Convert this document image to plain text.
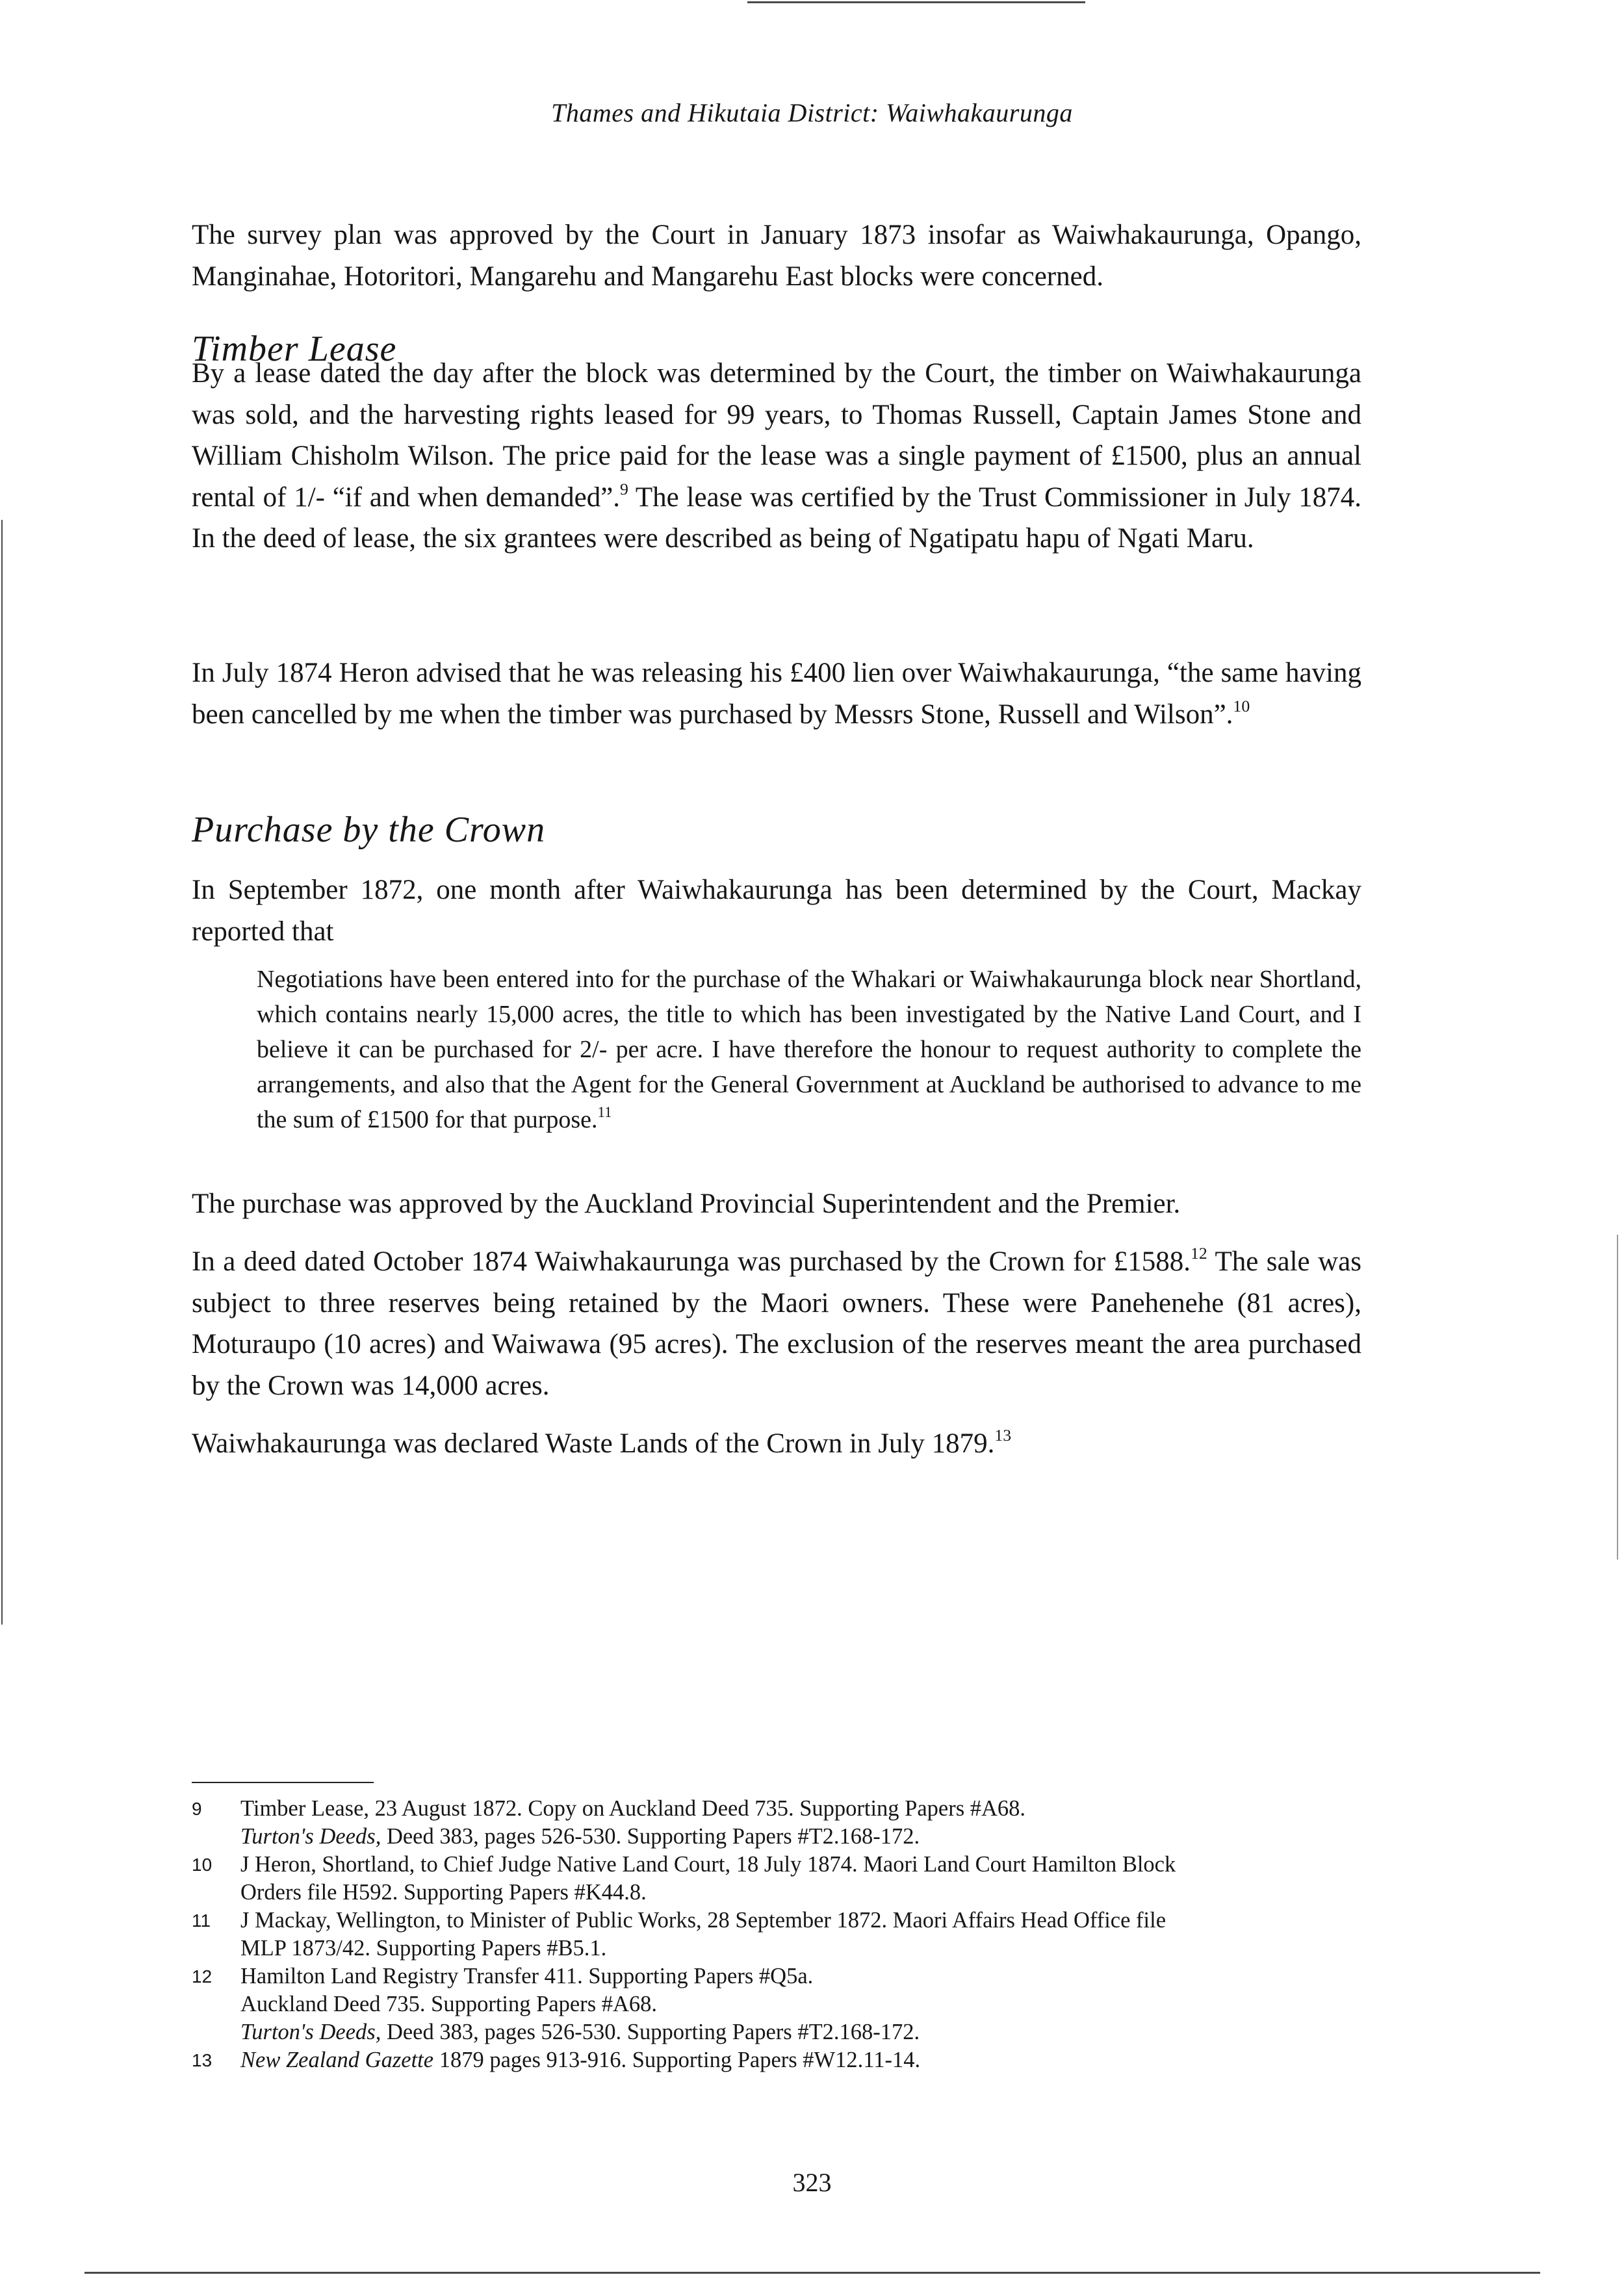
Thames and Hikutaia District: Waiwhakaurunga

The survey plan was approved by the Court in January 1873 insofar as Waiwhakaurunga, Opango, Manginahae, Hotoritori, Mangarehu and Mangarehu East blocks were concerned.

Timber Lease

By a lease dated the day after the block was determined by the Court, the timber on Waiwhakaurunga was sold, and the harvesting rights leased for 99 years, to Thomas Russell, Captain James Stone and William Chisholm Wilson. The price paid for the lease was a single payment of £1500, plus an annual rental of 1/- “if and when demanded”.$^9$ The lease was certified by the Trust Commissioner in July 1874. In the deed of lease, the six grantees were described as being of Ngatipatu hapu of Ngati Maru.

In July 1874 Heron advised that he was releasing his £400 lien over Waiwhakaurunga, “the same having been cancelled by me when the timber was purchased by Messrs Stone, Russell and Wilson”.$^{10}$

Purchase by the Crown

In September 1872, one month after Waiwhakaurunga has been determined by the Court, Mackay reported that

Negotiations have been entered into for the purchase of the Whakari or Waiwhakaurunga block near Shortland, which contains nearly 15,000 acres, the title to which has been investigated by the Native Land Court, and I believe it can be purchased for 2/- per acre. I have therefore the honour to request authority to complete the arrangements, and also that the Agent for the General Government at Auckland be authorised to advance to me the sum of £1500 for that purpose.$^{11}$

The purchase was approved by the Auckland Provincial Superintendent and the Premier.

In a deed dated October 1874 Waiwhakaurunga was purchased by the Crown for £1588.12 The sale was subject to three reserves being retained by the Maori owners. These were Panehenehe (81 acres), Moturaupo (10 acres) and Waiwawa (95 acres). The exclusion of the reserves meant the area purchased by the Crown was 14,000 acres.

Waiwhakaurunga was declared Waste Lands of the Crown in July 1879.13

9	Timber Lease, 23 August 1872. Copy on Auckland Deed 735. Supporting Papers #A68.
Turton's Deeds, Deed 383, pages 526-530. Supporting Papers #T2.168-172.
10	J Heron, Shortland, to Chief Judge Native Land Court, 18 July 1874. Maori Land Court Hamilton Block
Orders file H592. Supporting Papers #K44.8.
11	J Mackay, Wellington, to Minister of Public Works, 28 September 1872. Maori Affairs Head Office file
MLP 1873/42. Supporting Papers #B5.1.
12	Hamilton Land Registry Transfer 411. Supporting Papers #Q5a.
Auckland Deed 735. Supporting Papers #A68.
Turton's Deeds, Deed 383, pages 526-530. Supporting Papers #T2.168-172.
13	New Zealand Gazette 1879 pages 913-916. Supporting Papers #W12.11-14.
323
